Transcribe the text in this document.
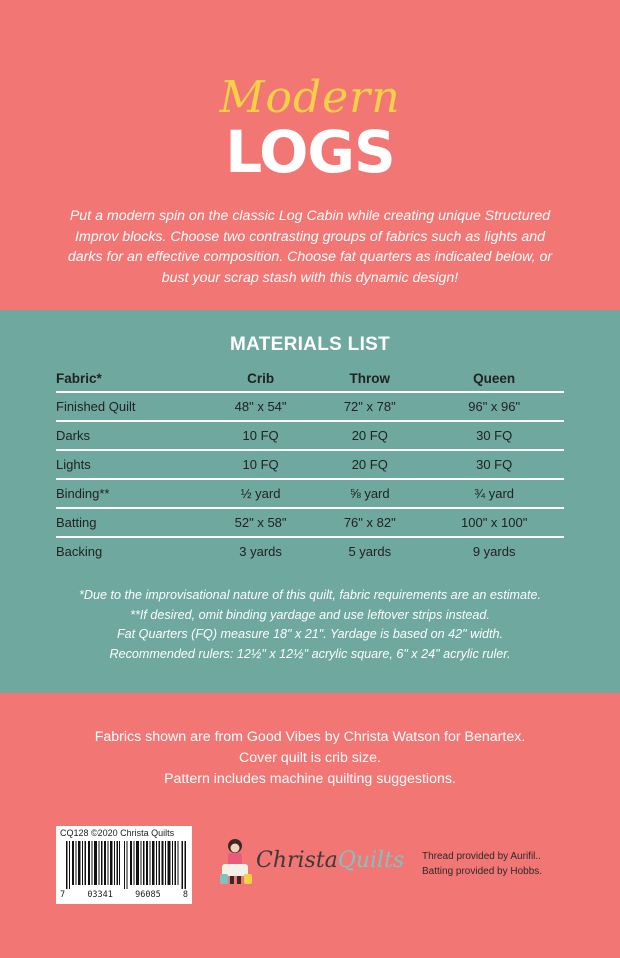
Modern
LOGS
Put a modern spin on the classic Log Cabin while creating unique Structured Improv blocks. Choose two contrasting groups of fabrics such as lights and darks for an effective composition. Choose fat quarters as indicated below, or bust your scrap stash with this dynamic design!
MATERIALS LIST
Fabric*	Crib	Throw	Queen
Finished Quilt	48" x 54"	72" x 78"	96" x 96"
Darks	10 FQ	20 FQ	30 FQ
Lights	10 FQ	20 FQ	30 FQ
Binding**	½ yard	⅝ yard	¾ yard
Batting	52" x 58"	76" x 82"	100" x 100"
Backing	3 yards	5 yards	9 yards
*Due to the improvisational nature of this quilt, fabric requirements are an estimate.
**If desired, omit binding yardage and use leftover strips instead.
Fat Quarters (FQ) measure 18" x 21". Yardage is based on 42" width.
Recommended rulers: 12½" x 12½" acrylic square, 6" x 24" acrylic ruler.
Fabrics shown are from Good Vibes by Christa Watson for Benartex.
Cover quilt is crib size.
Pattern includes machine quilting suggestions.
CQ128 ©2020 Christa Quilts
7	03341	96085	8
ChristaQuilts Thread provided by Aurifil..
Batting provided by Hobbs.
